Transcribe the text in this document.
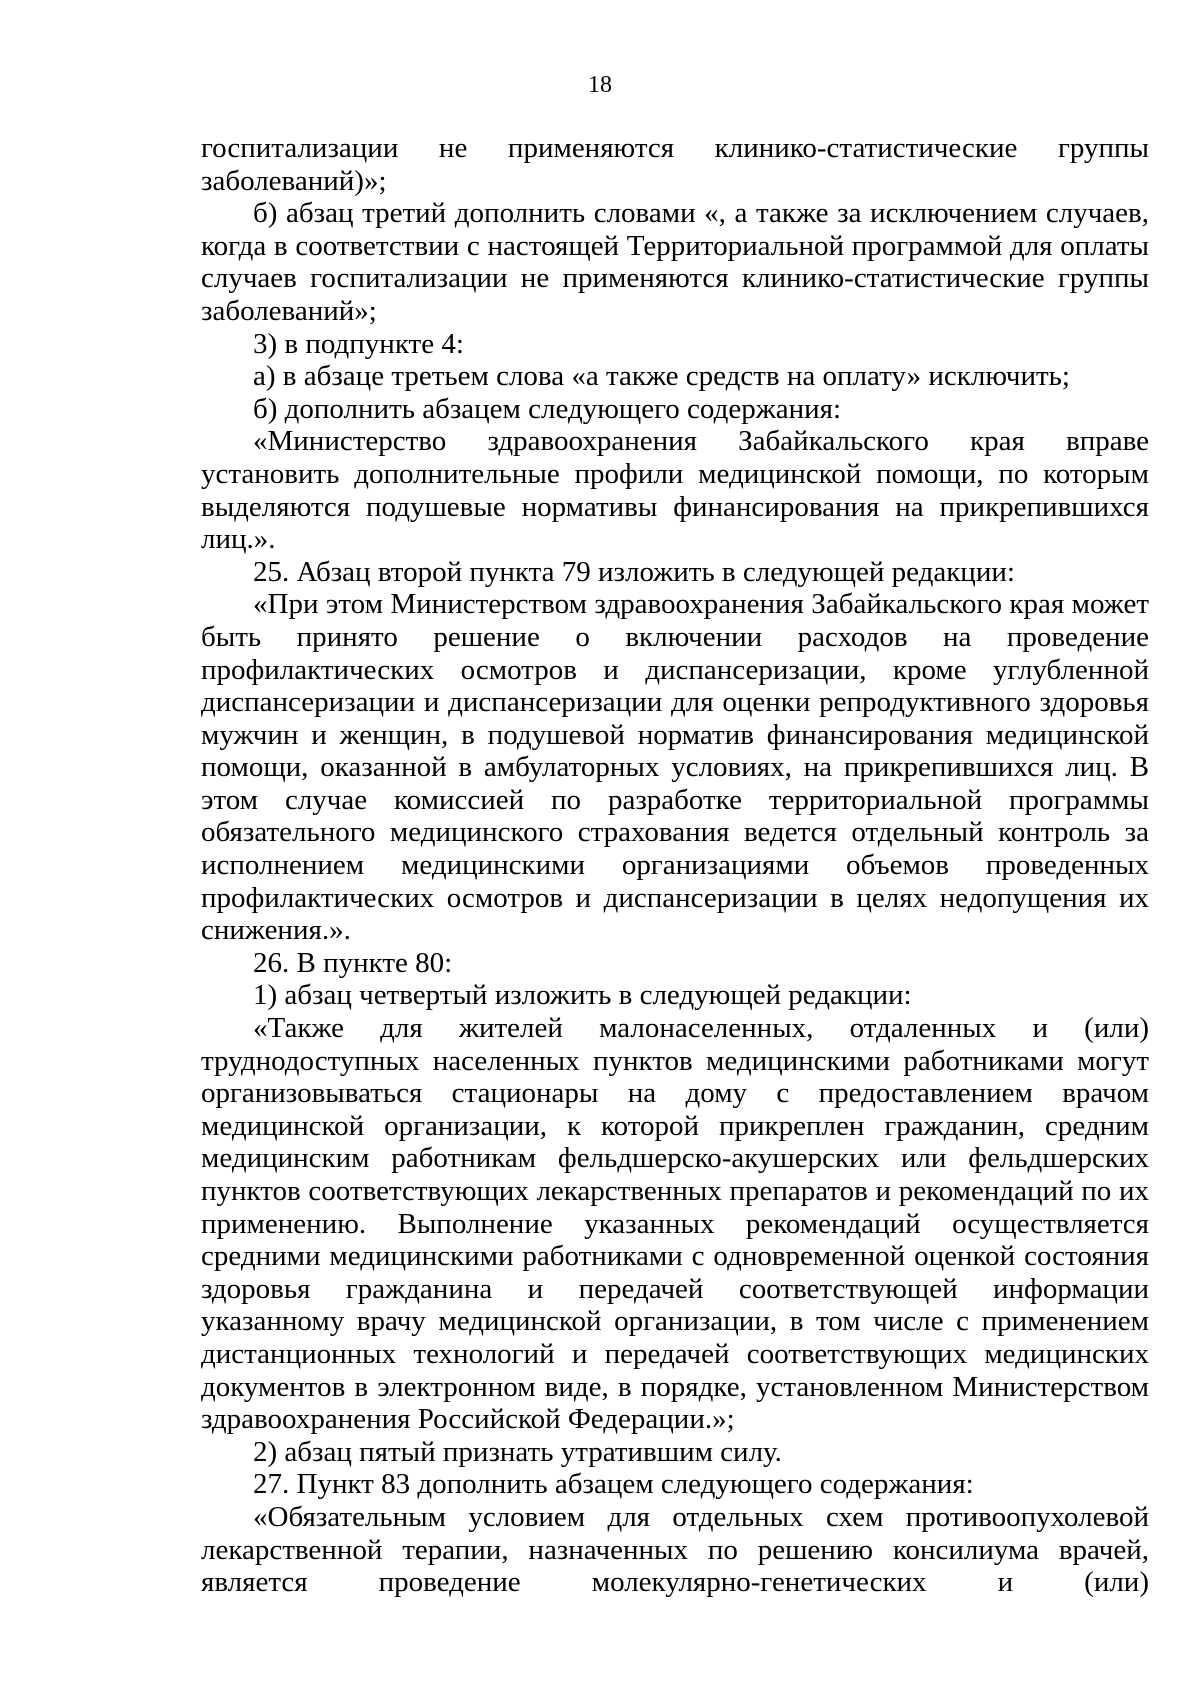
18

госпитализации не применяются клинико-статистические группы заболеваний)»;

б) абзац третий дополнить словами «, а также за исключением случаев, когда в соответствии с настоящей Территориальной программой для оплаты случаев госпитализации не применяются клинико-статистические группы заболеваний»;

3) в подпункте 4:

а) в абзаце третьем слова «а также средств на оплату» исключить;

б) дополнить абзацем следующего содержания:

«Министерство здравоохранения Забайкальского края вправе установить дополнительные профили медицинской помощи, по которым выделяются подушевые нормативы финансирования на прикрепившихся лиц.».

25. Абзац второй пункта 79 изложить в следующей редакции:

«При этом Министерством здравоохранения Забайкальского края может быть принято решение о включении расходов на проведение профилактических осмотров и диспансеризации, кроме углубленной диспансеризации и диспансеризации для оценки репродуктивного здоровья мужчин и женщин, в подушевой норматив финансирования медицинской помощи, оказанной в амбулаторных условиях, на прикрепившихся лиц. В этом случае комиссией по разработке территориальной программы обязательного медицинского страхования ведется отдельный контроль за исполнением медицинскими организациями объемов проведенных профилактических осмотров и диспансеризации в целях недопущения их снижения.».

26. В пункте 80:

1) абзац четвертый изложить в следующей редакции:

«Также для жителей малонаселенных, отдаленных и (или) труднодоступных населенных пунктов медицинскими работниками могут организовываться стационары на дому с предоставлением врачом медицинской организации, к которой прикреплен гражданин, средним медицинским работникам фельдшерско-акушерских или фельдшерских пунктов соответствующих лекарственных препаратов и рекомендаций по их применению. Выполнение указанных рекомендаций осуществляется средними медицинскими работниками с одновременной оценкой состояния здоровья гражданина и передачей соответствующей информации указанному врачу медицинской организации, в том числе с применением дистанционных технологий и передачей соответствующих медицинских документов в электронном виде, в порядке, установленном Министерством здравоохранения Российской Федерации.»;

2) абзац пятый признать утратившим силу.

27. Пункт 83 дополнить абзацем следующего содержания:

«Обязательным условием для отдельных схем противоопухолевой лекарственной терапии, назначенных по решению консилиума врачей, является проведение молекулярно-генетических и (или)
